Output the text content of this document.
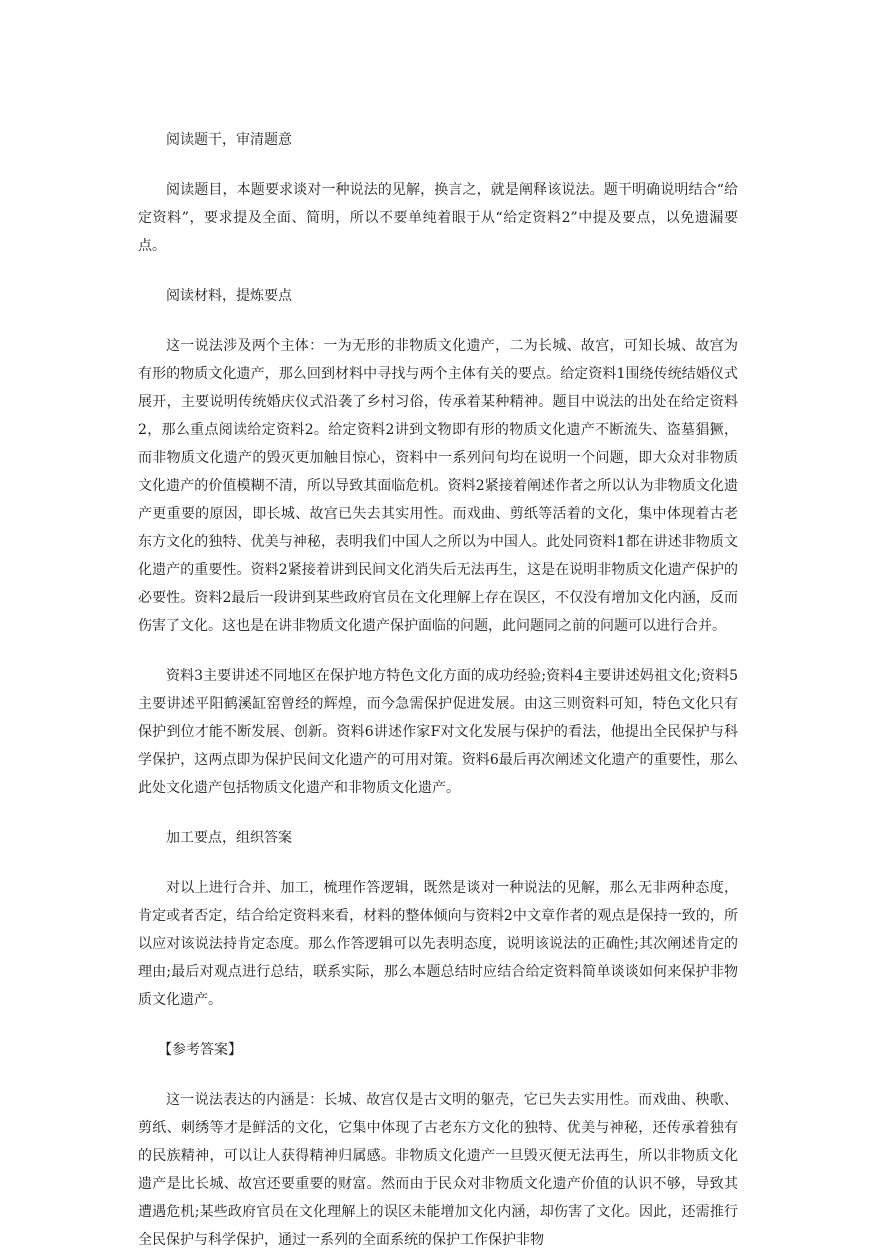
阅读题干，审清题意

阅读题目，本题要求谈对一种说法的见解，换言之，就是阐释该说法。题干明确说明结合“给定资料”，要求提及全面、简明，所以不要单纯着眼于从“给定资料2”中提及要点，以免遗漏要点。

阅读材料，提炼要点

这一说法涉及两个主体：一为无形的非物质文化遗产，二为长城、故宫，可知长城、故宫为有形的物质文化遗产，那么回到材料中寻找与两个主体有关的要点。给定资料1围绕传统结婚仪式展开，主要说明传统婚庆仪式沿袭了乡村习俗，传承着某种精神。题目中说法的出处在给定资料2，那么重点阅读给定资料2。给定资料2讲到文物即有形的物质文化遗产不断流失、盗墓猖獗，而非物质文化遗产的毁灭更加触目惊心，资料中一系列问句均在说明一个问题，即大众对非物质文化遗产的价值模糊不清，所以导致其面临危机。资料2紧接着阐述作者之所以认为非物质文化遗产更重要的原因，即长城、故宫已失去其实用性。而戏曲、剪纸等活着的文化，集中体现着古老东方文化的独特、优美与神秘，表明我们中国人之所以为中国人。此处同资料1都在讲述非物质文化遗产的重要性。资料2紧接着讲到民间文化消失后无法再生，这是在说明非物质文化遗产保护的必要性。资料2最后一段讲到某些政府官员在文化理解上存在误区，不仅没有增加文化内涵，反而伤害了文化。这也是在讲非物质文化遗产保护面临的问题，此问题同之前的问题可以进行合并。

资料3主要讲述不同地区在保护地方特色文化方面的成功经验;资料4主要讲述妈祖文化;资料5主要讲述平阳鹤溪缸窑曾经的辉煌，而今急需保护促进发展。由这三则资料可知，特色文化只有保护到位才能不断发展、创新。资料6讲述作家F对文化发展与保护的看法，他提出全民保护与科学保护，这两点即为保护民间文化遗产的可用对策。资料6最后再次阐述文化遗产的重要性，那么此处文化遗产包括物质文化遗产和非物质文化遗产。

加工要点，组织答案

对以上进行合并、加工，梳理作答逻辑，既然是谈对一种说法的见解，那么无非两种态度，肯定或者否定，结合给定资料来看，材料的整体倾向与资料2中文章作者的观点是保持一致的，所以应对该说法持肯定态度。那么作答逻辑可以先表明态度，说明该说法的正确性;其次阐述肯定的理由;最后对观点进行总结，联系实际，那么本题总结时应结合给定资料简单谈谈如何来保护非物质文化遗产。

【参考答案】

这一说法表达的内涵是：长城、故宫仅是古文明的躯壳，它已失去实用性。而戏曲、秧歌、剪纸、刺绣等才是鲜活的文化，它集中体现了古老东方文化的独特、优美与神秘，还传承着独有的民族精神，可以让人获得精神归属感。非物质文化遗产一旦毁灭便无法再生，所以非物质文化遗产是比长城、故宫还要重要的财富。然而由于民众对非物质文化遗产价值的认识不够，导致其遭遇危机;某些政府官员在文化理解上的误区未能增加文化内涵，却伤害了文化。因此，还需推行全民保护与科学保护，通过一系列的全面系统的保护工作保护非物
